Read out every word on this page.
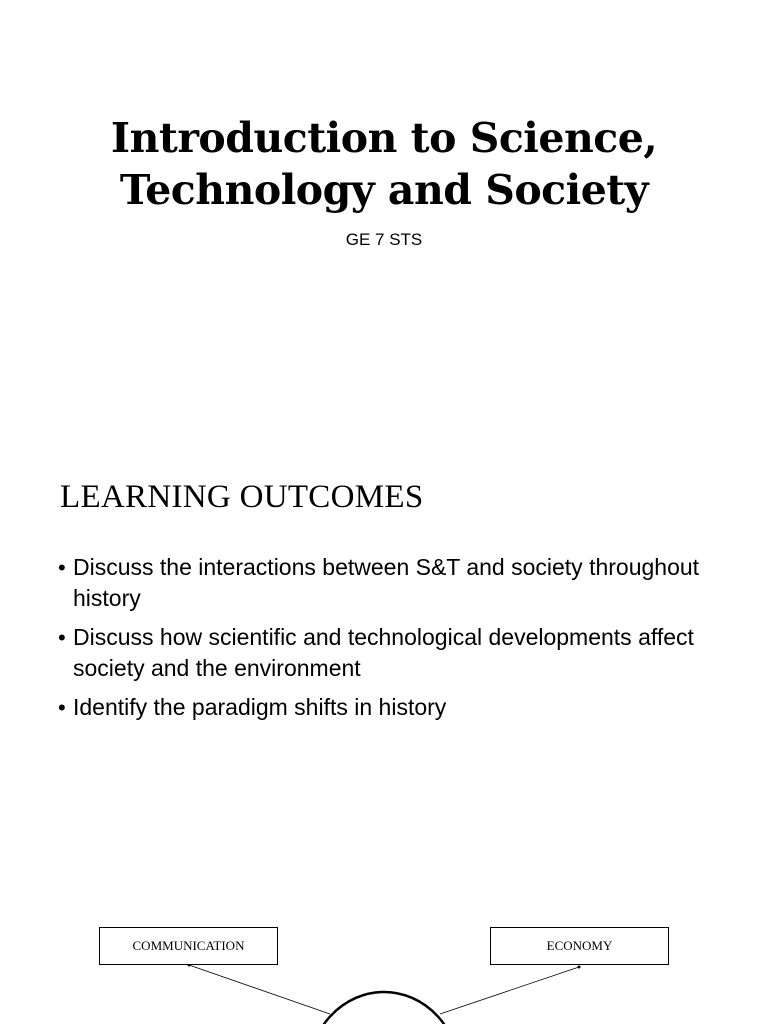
Introduction to Science,
Technology and Society
GE 7 STS
LEARNING OUTCOMES
• Discuss the interactions between S&T and society throughout history
• Discuss how scientific and technological developments affect society and the environment
• Identify the paradigm shifts in history
COMMUNICATION	ECONOMY
